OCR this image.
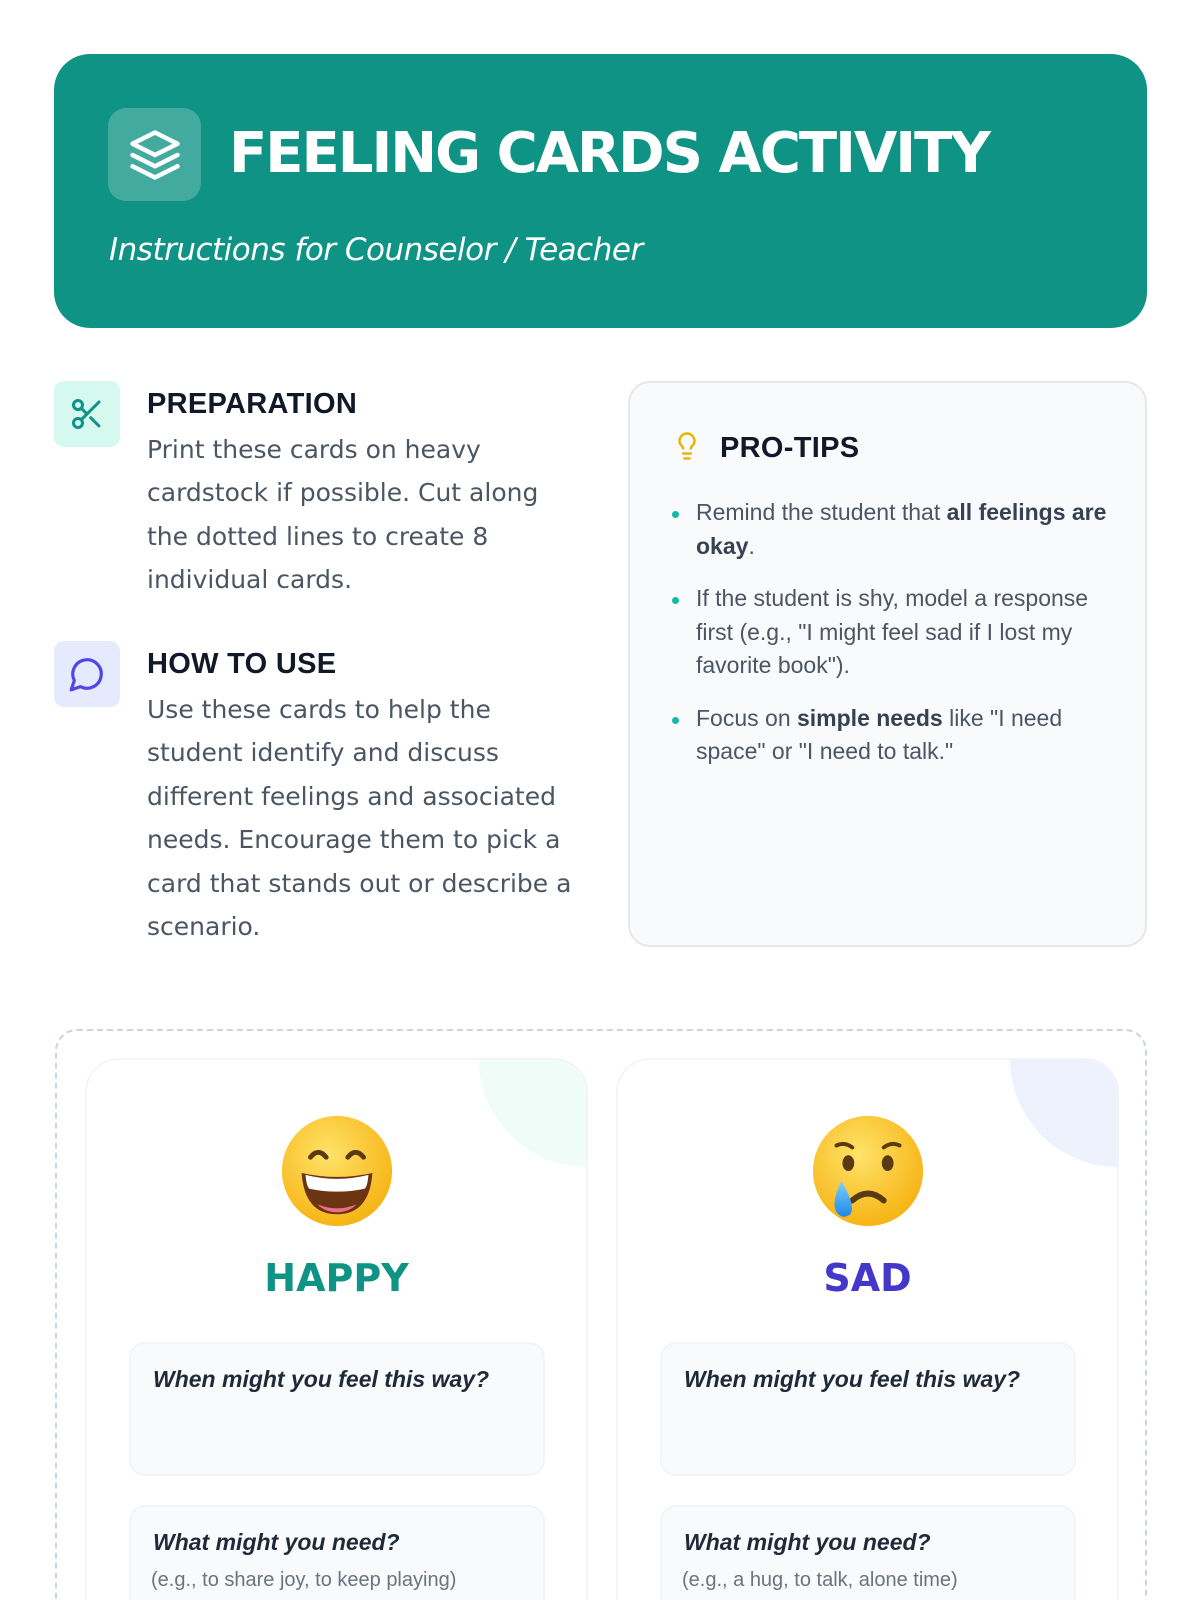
FEELING CARDS ACTIVITY
Instructions for Counselor / Teacher
PREPARATION
Print these cards on heavy cardstock if possible. Cut along the dotted lines to create 8 individual cards.
HOW TO USE
Use these cards to help the student identify and discuss different feelings and associated needs. Encourage them to pick a card that stands out or describe a scenario.
PRO-TIPS
Remind the student that all feelings are okay.
If the student is shy, model a response first (e.g., "I might feel sad if I lost my favorite book").
Focus on simple needs like "I need space" or "I need to talk."
HAPPY
When might you feel this way?
What might you need?
(e.g., to share joy, to keep playing)
SAD
When might you feel this way?
What might you need?
(e.g., a hug, to talk, alone time)
